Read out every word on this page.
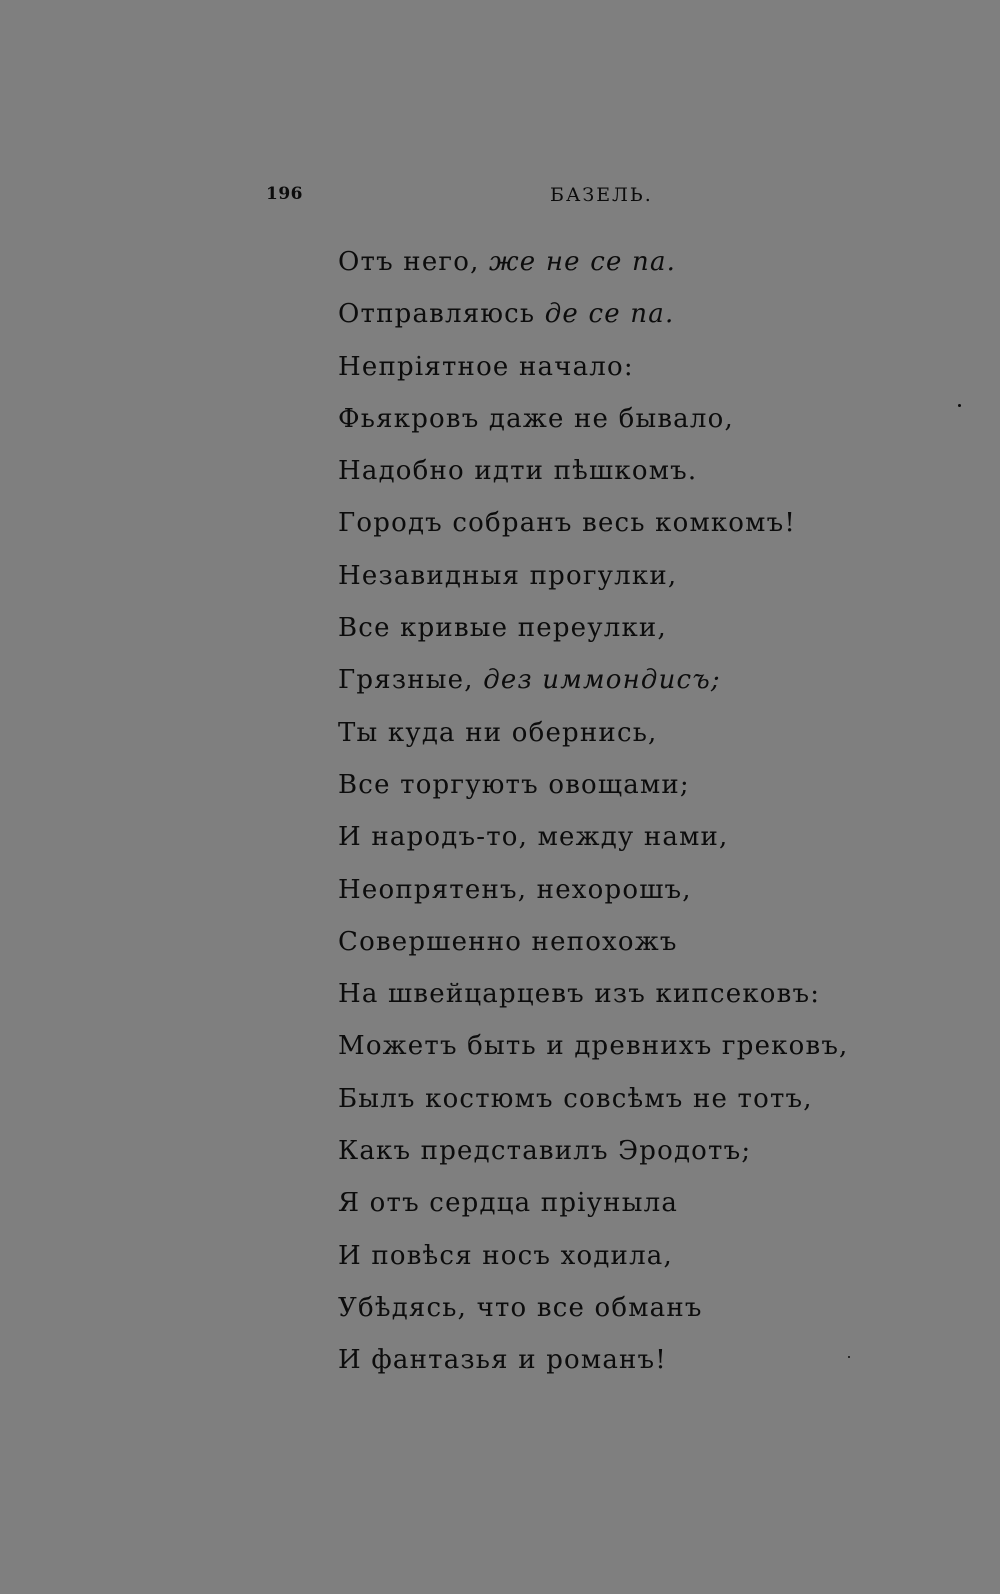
196	БАЗЕЛЬ.
Отъ него, же не се па.
Отправляюсь де се па.
Непріятное начало:
Фьякровъ даже не бывало,
Надобно идти пѣшкомъ.
Городъ собранъ весь комкомъ!
Незавидныя прогулки,
Все кривые переулки,
Грязные, дез иммондисъ;
Ты куда ни обернись,
Все торгуютъ овощами;
И народъ-то, между нами,
Неопрятенъ, нехорошъ,
Совершенно непохожъ
На швейцарцевъ изъ кипсековъ:
Можетъ быть и древнихъ грековъ,
Былъ костюмъ совсѣмъ не тотъ,
Какъ представилъ Эродотъ;
Я отъ сердца пріуныла
И повѣся носъ ходила,
Убѣдясь, что все обманъ
И фантазья и романъ!
